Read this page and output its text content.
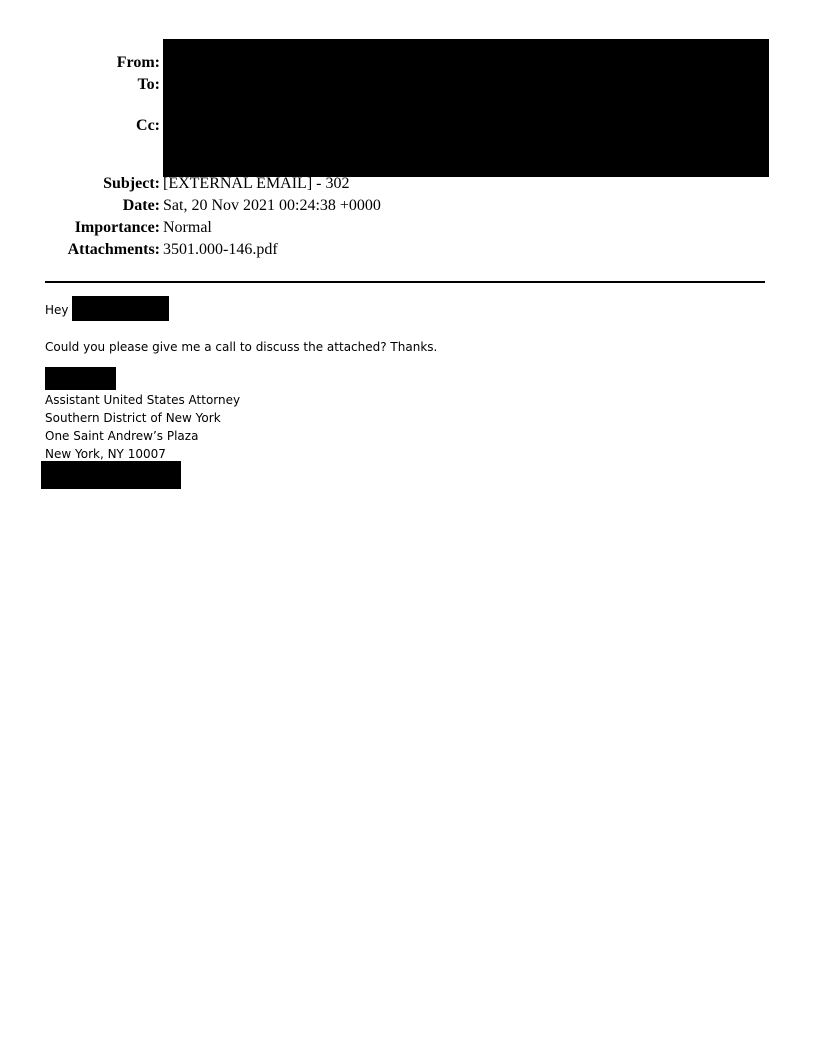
From:
To:
Cc:
Subject:
Date:
Importance:
Attachments:
[EXTERNAL EMAIL] - 302
Sat, 20 Nov 2021 00:24:38 +0000
Normal
3501.000-146.pdf
Hey
Could you please give me a call to discuss the attached? Thanks.
Assistant United States Attorney
Southern District of New York
One Saint Andrew’s Plaza
New York, NY 10007
